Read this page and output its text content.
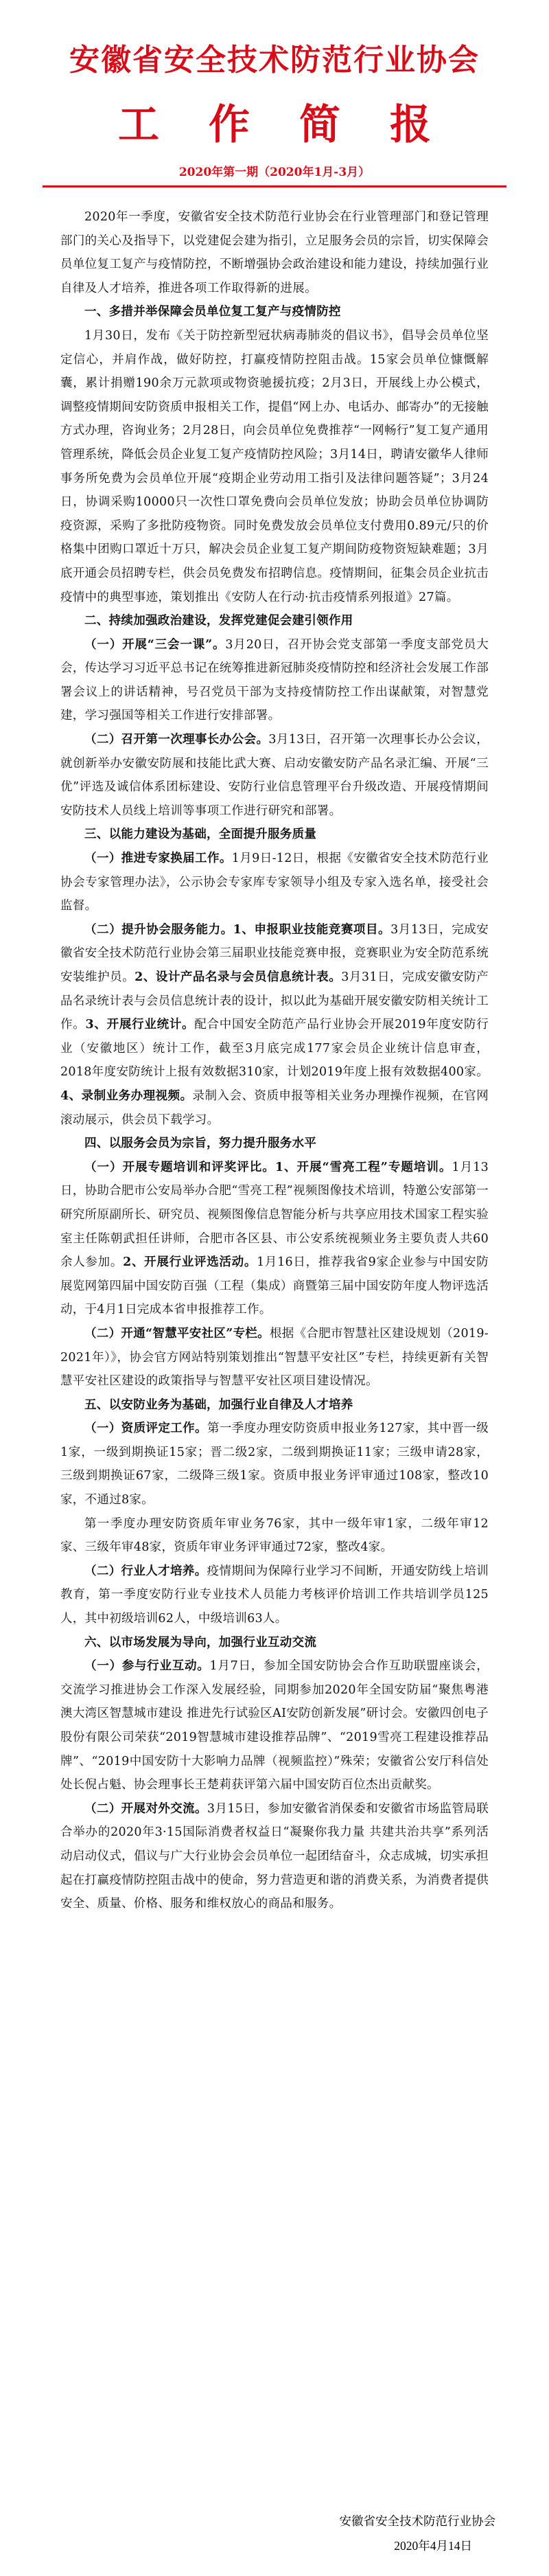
安徽省安全技术防范行业协会
工作简报
2020年第一期（2020年1月-3月）

2020年一季度，安徽省安全技术防范行业协会在行业管理部门和登记管理部门的关心及指导下，以党建促会建为指引，立足服务会员的宗旨，切实保障会员单位复工复产与疫情防控，不断增强协会政治建设和能力建设，持续加强行业自律及人才培养，推进各项工作取得新的进展。

一、多措并举保障会员单位复工复产与疫情防控

1月30日，发布《关于防控新型冠状病毒肺炎的倡议书》，倡导会员单位坚定信心，并肩作战，做好防控，打赢疫情防控阻击战。15家会员单位慷慨解囊，累计捐赠190余万元款项或物资驰援抗疫；2月3日，开展线上办公模式，调整疫情期间安防资质申报相关工作，提倡“网上办、电话办、邮寄办”的无接触方式办理，咨询业务；2月28日，向会员单位免费推荐“一网畅行”复工复产通用管理系统，降低会员企业复工复产疫情防控风险；3月14日，聘请安徽华人律师事务所免费为会员单位开展“疫期企业劳动用工指引及法律问题答疑”；3月24日，协调采购10000只一次性口罩免费向会员单位发放；协助会员单位协调防疫资源，采购了多批防疫物资。同时免费发放会员单位支付费用0.89元/只的价格集中团购口罩近十万只，解决会员企业复工复产期间防疫物资短缺难题；3月底开通会员招聘专栏，供会员免费发布招聘信息。疫情期间，征集会员企业抗击疫情中的典型事迹，策划推出《安防人在行动·抗击疫情系列报道》27篇。

二、持续加强政治建设，发挥党建促会建引领作用

（一）开展“三会一课”。3月20日，召开协会党支部第一季度支部党员大会，传达学习习近平总书记在统筹推进新冠肺炎疫情防控和经济社会发展工作部署会议上的讲话精神，号召党员干部为支持疫情防控工作出谋献策，对智慧党建，学习强国等相关工作进行安排部署。

（二）召开第一次理事长办公会。3月13日，召开第一次理事长办公会议，就创新举办安徽安防展和技能比武大赛、启动安徽安防产品名录汇编、开展“三优”评选及诚信体系团标建设、安防行业信息管理平台升级改造、开展疫情期间安防技术人员线上培训等事项工作进行研究和部署。

三、以能力建设为基础，全面提升服务质量

（一）推进专家换届工作。1月9日-12日，根据《安徽省安全技术防范行业协会专家管理办法》，公示协会专家库专家领导小组及专家入选名单，接受社会监督。

（二）提升协会服务能力。1、申报职业技能竞赛项目。3月13日，完成安徽省安全技术防范行业协会第三届职业技能竞赛申报，竞赛职业为安全防范系统安装维护员。2、设计产品名录与会员信息统计表。3月31日，完成安徽安防产品名录统计表与会员信息统计表的设计，拟以此为基础开展安徽安防相关统计工作。3、开展行业统计。配合中国安全防范产品行业协会开展2019年度安防行业（安徽地区）统计工作，截至3月底完成177家会员企业统计信息审查，2018年度安防统计上报有效数据310家，计划2019年度上报有效数据400家。4、录制业务办理视频。录制入会、资质申报等相关业务办理操作视频，在官网滚动展示，供会员下载学习。

四、以服务会员为宗旨，努力提升服务水平

（一）开展专题培训和评奖评比。1、开展“雪亮工程”专题培训。1月13日，协助合肥市公安局举办合肥“雪亮工程”视频图像技术培训，特邀公安部第一研究所原副所长、研究员、视频图像信息智能分析与共享应用技术国家工程实验室主任陈朝武担任讲师，合肥市各区县、市公安系统视频业务主要负责人共60余人参加。2、开展行业评选活动。1月16日，推荐我省9家企业参与中国安防展览网第四届中国安防百强（工程（集成）商暨第三届中国安防年度人物评选活动，于4月1日完成本省申报推荐工作。

（二）开通“智慧平安社区”专栏。根据《合肥市智慧社区建设规划（2019-2021年）》，协会官方网站特别策划推出“智慧平安社区”专栏，持续更新有关智慧平安社区建设的政策指导与智慧平安社区项目建设情况。

五、以安防业务为基础，加强行业自律及人才培养

（一）资质评定工作。第一季度办理安防资质申报业务127家，其中晋一级1家，一级到期换证15家；晋二级2家，二级到期换证11家；三级申请28家，三级到期换证67家，二级降三级1家。资质申报业务评审通过108家，整改10家，不通过8家。

第一季度办理安防资质年审业务76家，其中一级年审1家，二级年审12家、三级年审48家，资质年审业务评审通过72家，整改4家。

（二）行业人才培养。疫情期间为保障行业学习不间断，开通安防线上培训教育，第一季度安防行业专业技术人员能力考核评价培训工作共培训学员125人，其中初级培训62人，中级培训63人。

六、以市场发展为导向，加强行业互动交流

（一）参与行业互动。1月7日，参加全国安防协会合作互助联盟座谈会，交流学习推进协会工作深入发展经验，同期参加2020年全国安防届“聚焦粤港澳大湾区智慧城市建设 推进先行试验区AI安防创新发展”研讨会。安徽四创电子股份有限公司荣获“2019智慧城市建设推荐品牌”、“2019雪亮工程建设推荐品牌”、“2019中国安防十大影响力品牌（视频监控）”殊荣；安徽省公安厅科信处处长倪占魁、协会理事长王楚莉获评第六届中国安防百位杰出贡献奖。

（二）开展对外交流。3月15日，参加安徽省消保委和安徽省市场监管局联合举办的2020年3·15国际消费者权益日“凝聚你我力量 共建共治共享”系列活动启动仪式，倡议与广大行业协会会员单位一起团结奋斗，众志成城，切实承担起在打赢疫情防控阻击战中的使命，努力营造更和谐的消费关系，为消费者提供安全、质量、价格、服务和维权放心的商品和服务。

安徽省安全技术防范行业协会
2020年4月14日
